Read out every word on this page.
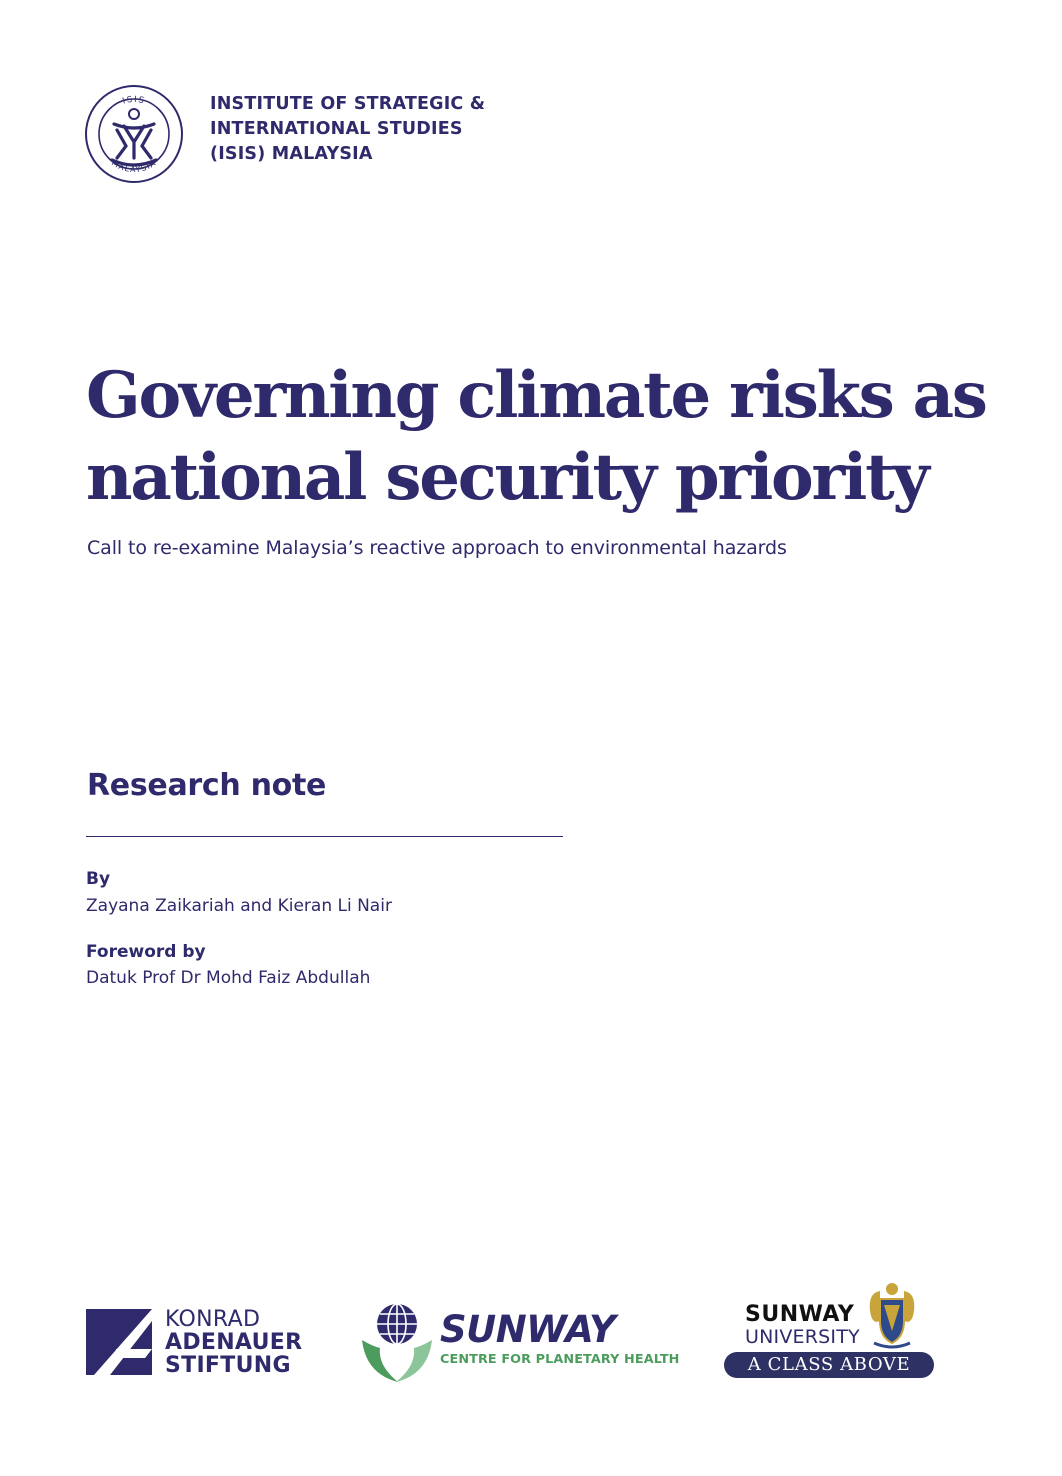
ISIS
MALAYSIA
INSTITUTE OF STRATEGIC &
INTERNATIONAL STUDIES
(ISIS) MALAYSIA
Governing climate risks as
national security priority
Call to re-examine Malaysia’s reactive approach to environmental hazards
Research note
By
Zayana Zaikariah and Kieran Li Nair
Foreword by
Datuk Prof Dr Mohd Faiz Abdullah
KONRAD
ADENAUER
STIFTUNG
SUNWAY
CENTRE FOR PLANETARY HEALTH
SUNWAY
UNIVERSITY
A CLASS ABOVE
